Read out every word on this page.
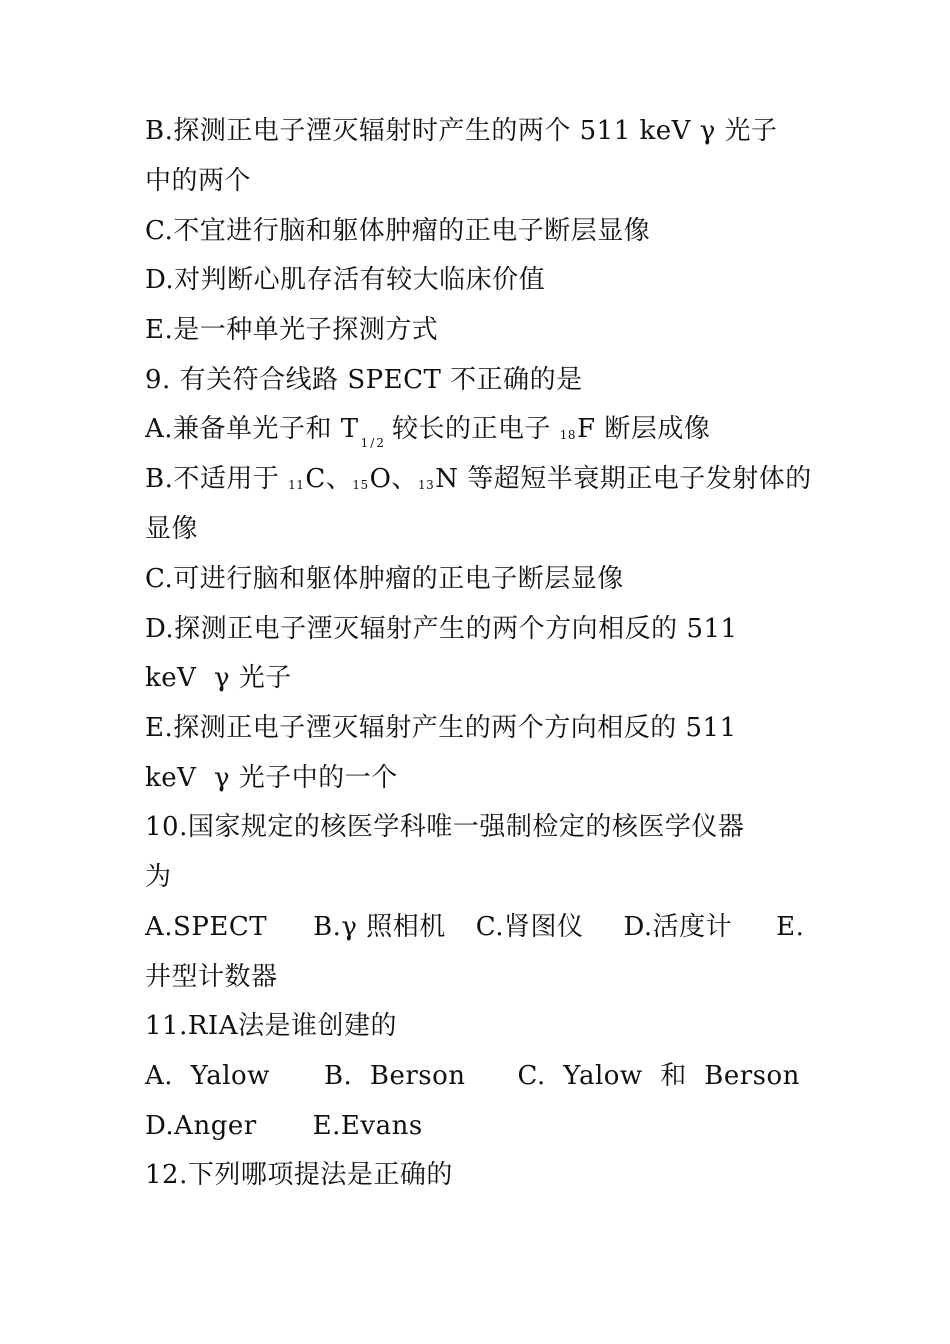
B.探测正电子湮灭辐射时产生的两个 511 keV γ 光子
中的两个
C.不宜进行脑和躯体肿瘤的正电子断层显像
D.对判断心肌存活有较大临床价值
E.是一种单光子探测方式
9. 有关符合线路 SPECT 不正确的是
A.兼备单光子和 T $_{1/2}$ 较长的正电子 18F 断层成像
B.不适用于 11C、15O、13N 等超短半衰期正电子发射体的
显像
C.可进行脑和躯体肿瘤的正电子断层显像
D.探测正电子湮灭辐射产生的两个方向相反的 511
keV  γ 光子
E.探测正电子湮灭辐射产生的两个方向相反的 511
keV  γ 光子中的一个
10.国家规定的核医学科唯一强制检定的核医学仪器
为
A.SPECT B.γ 照相机 C.肾图仪 D.活度计 E.
井型计数器
11.RIA法是谁创建的
A.  Yalow B.  Berson C.  Yalow  和  Berson
D.Anger E.Evans
12.下列哪项提法是正确的
